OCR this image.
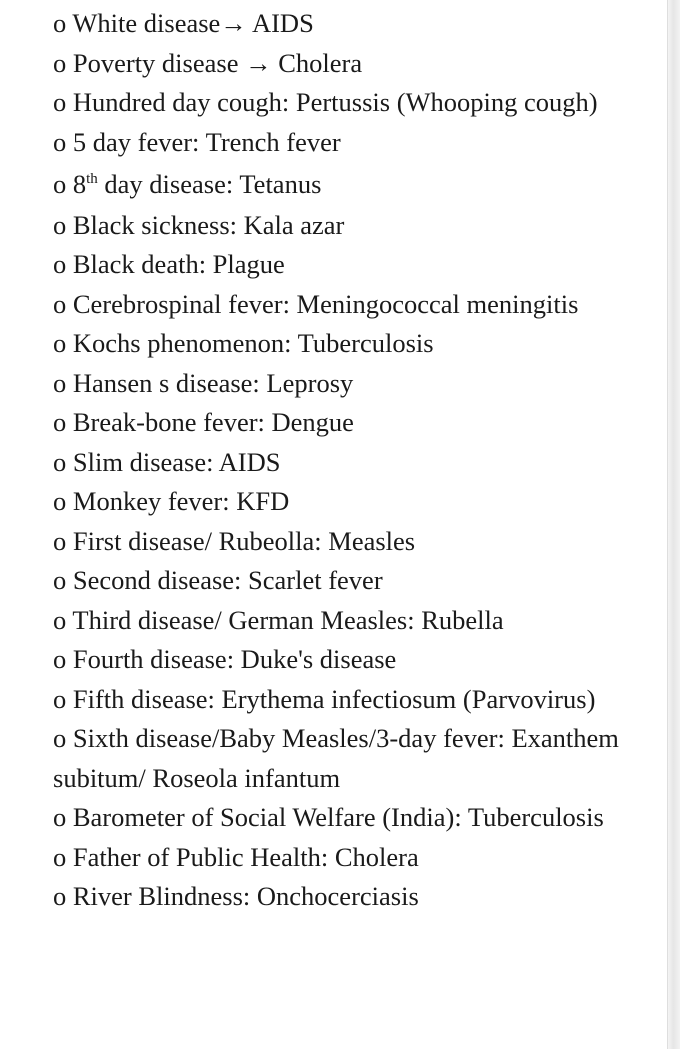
o White disease→ AIDS

o Poverty disease → Cholera

o Hundred day cough: Pertussis (Whooping cough)

o 5 day fever: Trench fever

o 8th day disease: Tetanus

o Black sickness: Kala azar

o Black death: Plague

o Cerebrospinal fever: Meningococcal meningitis

o Kochs phenomenon: Tuberculosis

o Hansen s disease: Leprosy

o Break-bone fever: Dengue

o Slim disease: AIDS

o Monkey fever: KFD

o First disease/ Rubeolla: Measles

o Second disease: Scarlet fever

o Third disease/ German Measles: Rubella

o Fourth disease: Duke's disease

o Fifth disease: Erythema infectiosum (Parvovirus)

o Sixth disease/Baby Measles/3-day fever: Exanthem subitum/ Roseola infantum

o Barometer of Social Welfare (India): Tuberculosis

o Father of Public Health: Cholera

o River Blindness: Onchocerciasis
